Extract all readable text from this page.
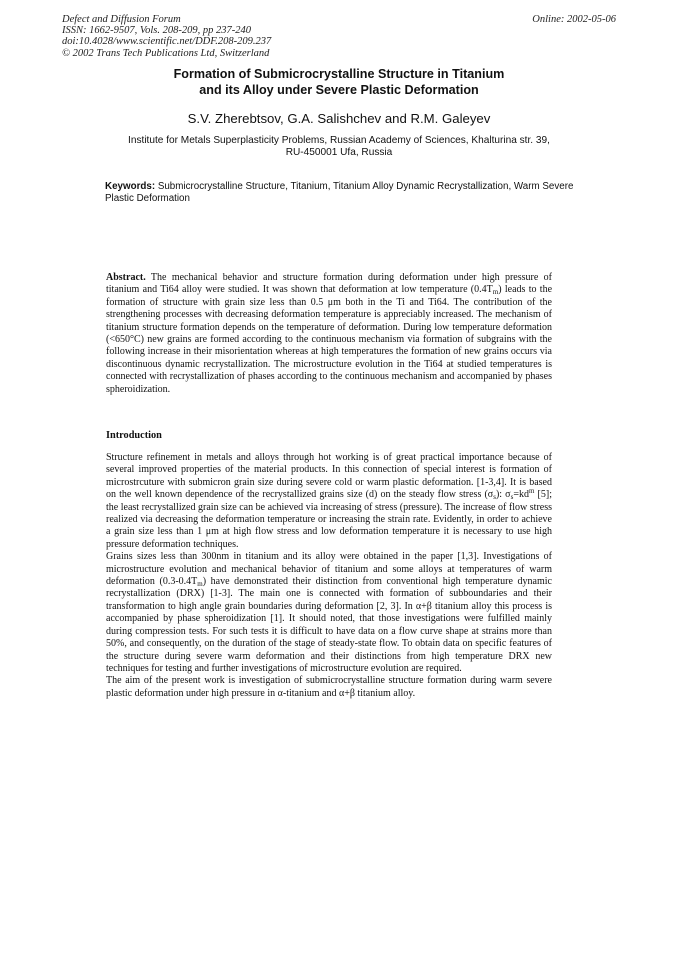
Defect and Diffusion Forum
ISSN: 1662-9507, Vols. 208-209, pp 237-240
doi:10.4028/www.scientific.net/DDF.208-209.237
© 2002 Trans Tech Publications Ltd, Switzerland
Online: 2002-05-06
Formation of Submicrocrystalline Structure in Titanium
and its Alloy under Severe Plastic Deformation
S.V. Zherebtsov, G.A. Salishchev and R.M. Galeyev
Institute for Metals Superplasticity Problems, Russian Academy of Sciences, Khalturina str. 39,
RU-450001 Ufa, Russia
Keywords: Submicrocrystalline Structure, Titanium, Titanium Alloy Dynamic Recrystallization, Warm Severe Plastic Deformation
Abstract. The mechanical behavior and structure formation during deformation under high pressure of titanium and Ti64 alloy were studied. It was shown that deformation at low temperature $(0.4T_m)$ leads to the formation of structure with grain size less than 0.5 μm both in the Ti and Ti64. The contribution of the strengthening processes with decreasing deformation temperature is appreciably increased. The mechanism of titanium structure formation depends on the temperature of deformation. During low temperature deformation (<650°C) new grains are formed according to the continuous mechanism via formation of subgrains with the following increase in their misorientation whereas at high temperatures the formation of new grains occurs via discontinuous dynamic recrystallization. The microstructure evolution in the Ti64 at studied temperatures is connected with recrystallization of phases according to the continuous mechanism and accompanied by phases spheroidization.
Introduction

Structure refinement in metals and alloys through hot working is of great practical importance because of several improved properties of the material products. In this connection of special interest is formation of microstrcuture with submicron grain size during severe cold or warm plastic deformation. [1-3,4]. It is based on the well known dependence of the recrystallized grains size (d) on the steady flow stress $(\sigma_s)$: $\sigma_s=kd^m$ [5]; the least recrystallized grain size can be achieved via increasing of stress (pressure). The increase of flow stress realized via decreasing the deformation temperature or increasing the strain rate. Evidently, in order to achieve a grain size less than 1 μm at high flow stress and low deformation temperature it is necessary to use high pressure deformation techniques.

Grains sizes less than 300nm in titanium and its alloy were obtained in the paper [1,3]. Investigations of microstructure evolution and mechanical behavior of titanium and some alloys at temperatures of warm deformation $(0.3-0.4T_m)$ have demonstrated their distinction from conventional high temperature dynamic recrystallization (DRX) [1-3]. The main one is connected with formation of subboundaries and their transformation to high angle grain boundaries during deformation [2, 3]. In α+β titanium alloy this process is accompanied by phase spheroidization [1]. It should noted, that those investigations were fulfilled mainly during compression tests. For such tests it is difficult to have data on a flow curve shape at strains more than 50%, and consequently, on the duration of the stage of steady-state flow. To obtain data on specific features of the structure during severe warm deformation and their distinctions from high temperature DRX new techniques for testing and further investigations of microstructure evolution are required.

The aim of the present work is investigation of submicrocrystalline structure formation during warm severe plastic deformation under high pressure in α-titanium and α+β titanium alloy.
